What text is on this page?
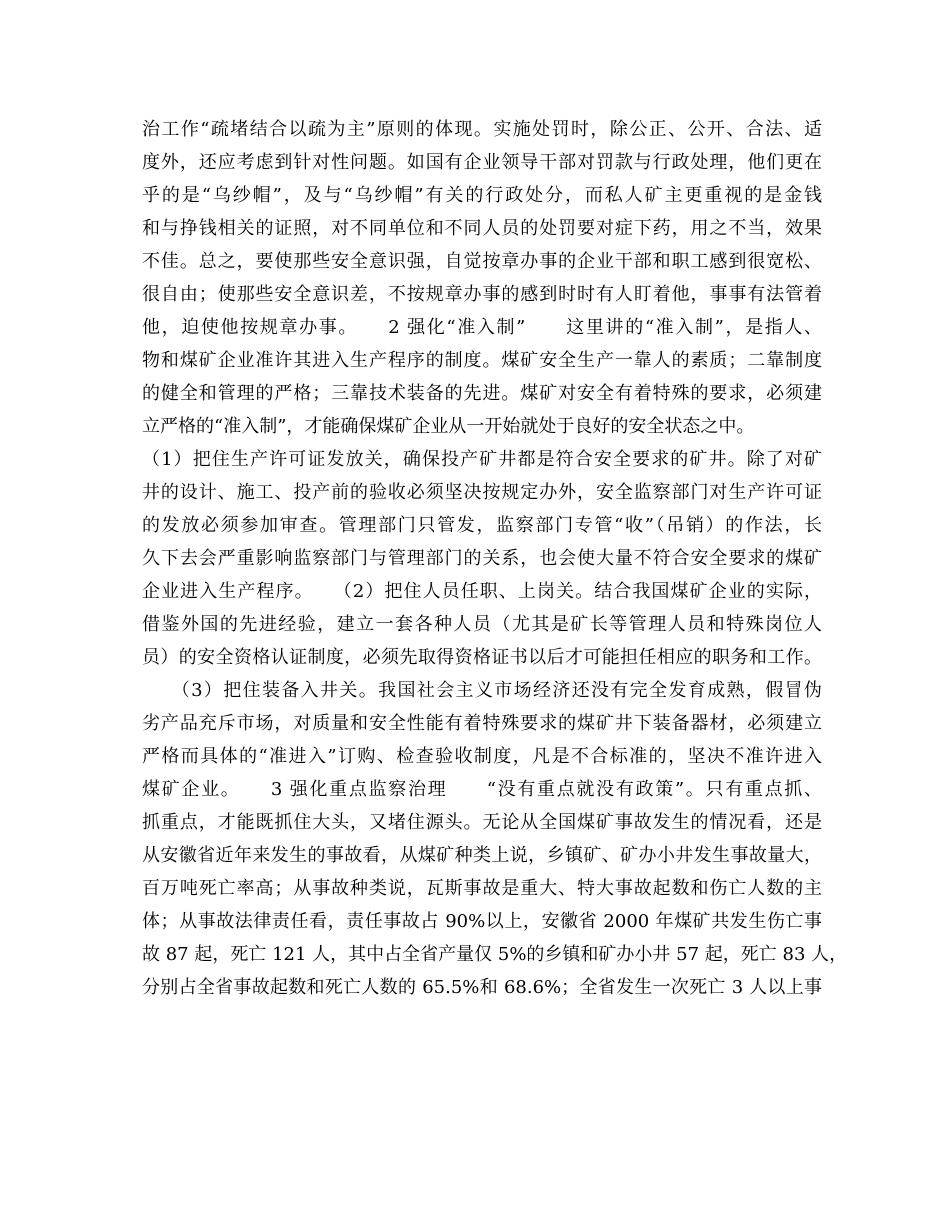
治工作“疏堵结合以疏为主”原则的体现。实施处罚时，除公正、公开、合法、适
度外，还应考虑到针对性问题。如国有企业领导干部对罚款与行政处理，他们更在
乎的是“乌纱帽”，及与“乌纱帽”有关的行政处分，而私人矿主更重视的是金钱
和与挣钱相关的证照，对不同单位和不同人员的处罚要对症下药，用之不当，效果
不佳。总之，要使那些安全意识强，自觉按章办事的企业干部和职工感到很宽松、
很自由；使那些安全意识差，不按规章办事的感到时时有人盯着他，事事有法管着
他，迫使他按规章办事。　　2 强化“准入制”　　这里讲的“准入制”，是指人、
物和煤矿企业准许其进入生产程序的制度。煤矿安全生产一靠人的素质；二靠制度
的健全和管理的严格；三靠技术装备的先进。煤矿对安全有着特殊的要求，必须建
立严格的“准入制”，才能确保煤矿企业从一开始就处于良好的安全状态之中。
（1）把住生产许可证发放关，确保投产矿井都是符合安全要求的矿井。除了对矿
井的设计、施工、投产前的验收必须坚决按规定办外，安全监察部门对生产许可证
的发放必须参加审查。管理部门只管发，监察部门专管“收”（吊销）的作法，长
久下去会严重影响监察部门与管理部门的关系，也会使大量不符合安全要求的煤矿
企业进入生产程序。　　（2）把住人员任职、上岗关。结合我国煤矿企业的实际，
借鉴外国的先进经验，建立一套各种人员（尤其是矿长等管理人员和特殊岗位人
员）的安全资格认证制度，必须先取得资格证书以后才可能担任相应的职务和工作。
　　（3）把住装备入井关。我国社会主义市场经济还没有完全发育成熟，假冒伪
劣产品充斥市场，对质量和安全性能有着特殊要求的煤矿井下装备器材，必须建立
严格而具体的“准进入”订购、检查验收制度，凡是不合标准的，坚决不准许进入
煤矿企业。　　3 强化重点监察治理　　“没有重点就没有政策”。只有重点抓、
抓重点，才能既抓住大头，又堵住源头。无论从全国煤矿事故发生的情况看，还是
从安徽省近年来发生的事故看，从煤矿种类上说，乡镇矿、矿办小井发生事故量大，
百万吨死亡率高；从事故种类说，瓦斯事故是重大、特大事故起数和伤亡人数的主
体；从事故法律责任看，责任事故占 90%以上，安徽省 2000 年煤矿共发生伤亡事
故 87 起，死亡 121 人，其中占全省产量仅 5%的乡镇和矿办小井 57 起，死亡 83 人，
分别占全省事故起数和死亡人数的 65.5%和 68.6%；全省发生一次死亡 3 人以上事
